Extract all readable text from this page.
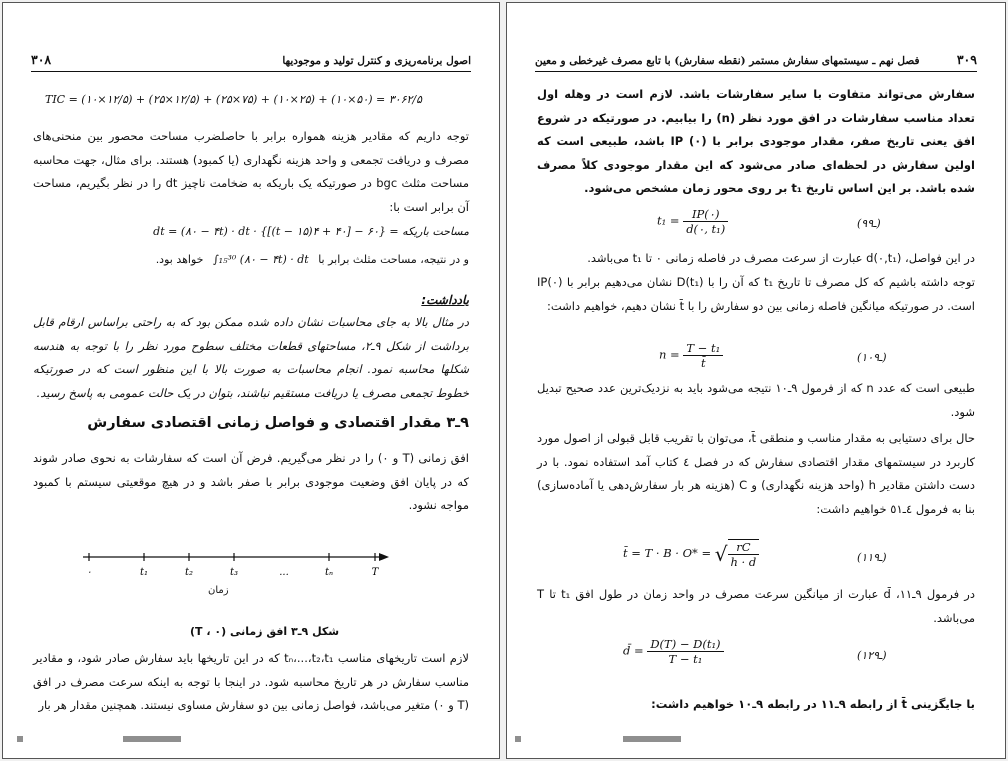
۳۰۸	اصول برنامه‌ریزی و کنترل تولید و موجودیها
TIC = (۱۰×۱۲/۵) + (۲۵×۱۲/۵) + (۲۵×۷۵) + (۱۰×۲۵) + (۱۰×۵۰) = ۳۰۶۲/۵
توجه داریم که مقادیر هزینه همواره برابر با حاصلضرب مساحت محصور بین منحنی‌های مصرف و دریافت تجمعی و واحد هزینه نگهداری (یا کمبود) هستند. برای مثال، جهت محاسبه مساحت مثلث bgc در صورتیکه یک باریکه به ضخامت ناچیز dt را در نظر بگیریم، مساحت آن برابر است با:
مساحت باریکه = {۶۰ − [۴۰ + ۴(t − ۱۵)]} · dt = (۸۰ − ۴t) · dt
و در نتیجه، مساحت مثلث برابر با ∫₁₅³⁰ (۸۰ − ۴t) · dt خواهد بود.
یادداشت:
در مثال بالا به جای محاسبات نشان داده شده ممکن بود که به راحتی براساس ارقام قابل برداشت از شکل ۹ـ۲، مساحتهای قطعات مختلف سطوح مورد نظر را با توجه به هندسه شکلها محاسبه نمود. انجام محاسبات به صورت بالا با این منظور است که در صورتیکه خطوط تجمعی مصرف یا دریافت مستقیم نباشند، بتوان در یک حالت عمومی به پاسخ رسید.
۹ـ۳ مقدار اقتصادی و فواصل زمانی اقتصادی سفارش
افق زمانی (T و ۰) را در نظر می‌گیریم. فرض آن است که سفارشات به نحوی صادر شوند که در پایان افق وضعیت موجودی برابر با صفر باشد و در هیچ موقعیتی سیستم با کمبود مواجه نشود.
۰	t₁	t₂	t₃	...	tₙ	T
زمان
شکل ۹ـ۳ افق زمانی (T ، ۰)
لازم است تاریخهای مناسب tₙ،...،t₂،t₁ که در این تاریخها باید سفارش صادر شود، و مقادیر مناسب سفارش در هر تاریخ محاسبه شود. در اینجا با توجه به اینکه سرعت مصرف در افق (T و ۰) متغیر می‌باشد، فواصل زمانی بین دو سفارش مساوی نیستند. همچنین مقدار هر بار
۳۰۹
فصل نهم ـ سیستمهای سفارش مستمر (نقطه سفارش) با تابع مصرف غیرخطی و معین
سفارش می‌تواند متفاوت با سایر سفارشات باشد. لازم است در وهله اول تعداد مناسب سفارشات در افق مورد نظر (n) را بیابیم. در صورتیکه در شروع افق یعنی تاریخ صفر، مقدار موجودی برابر با (۰) IP باشد، طبیعی است که اولین سفارش در لحظه‌ای صادر می‌شود که این مقدار موجودی کلاً مصرف شده باشد. بر این اساس تاریخ t₁ بر روی محور زمان مشخص می‌شود.
$t_1 = \frac{IP(۰)}{\text{d(۰, t₁)}}$	(۹ـ۹)
در این فواصل، d(۰,t₁) عبارت از سرعت مصرف در فاصله زمانی ۰ تا t₁ می‌باشد.
توجه داشته باشیم که کل مصرف تا تاریخ t₁ که آن را با D(t₁) نشان می‌دهیم برابر با IP(۰) است. در صورتیکه میانگین فاصله زمانی بین دو سفارش را با t̄ نشان دهیم، خواهیم داشت:
$n = \frac{\text{T − t₁}}{t̄}$	(۱۰ـ۹)
طبیعی است که عدد n که از فرمول ۹ـ۱۰ نتیجه می‌شود باید به نزدیک‌ترین عدد صحیح تبدیل شود.
حال برای دستیابی به مقدار مناسب و منطقی t̄، می‌توان با تقریب قابل قبولی از اصول مورد کاربرد در سیستمهای مقدار اقتصادی سفارش که در فصل ٤ کتاب آمد استفاده نمود. با در دست داشتن مقادیر h (واحد هزینه نگهداری) و C (هزینه هر بار سفارش‌دهی یا آماده‌سازی) بنا به فرمول ٤ـ٥١ خواهیم داشت:
t̄ = T · B · O* = √ $\frac{rC}{h \cdot d}$	(۱۱ـ۹)
در فرمول ۹ـ۱۱، d̄ عبارت از میانگین سرعت مصرف در واحد زمان در طول افق t₁ تا T می‌باشد.
d̄ = $\frac{\text{D(T) − D(t₁)}}{\text{T − t₁}}$	(۱۲ـ۹)
با جایگزینی t̄ از رابطه ۹ـ۱۱ در رابطه ۹ـ۱۰ خواهیم داشت:
